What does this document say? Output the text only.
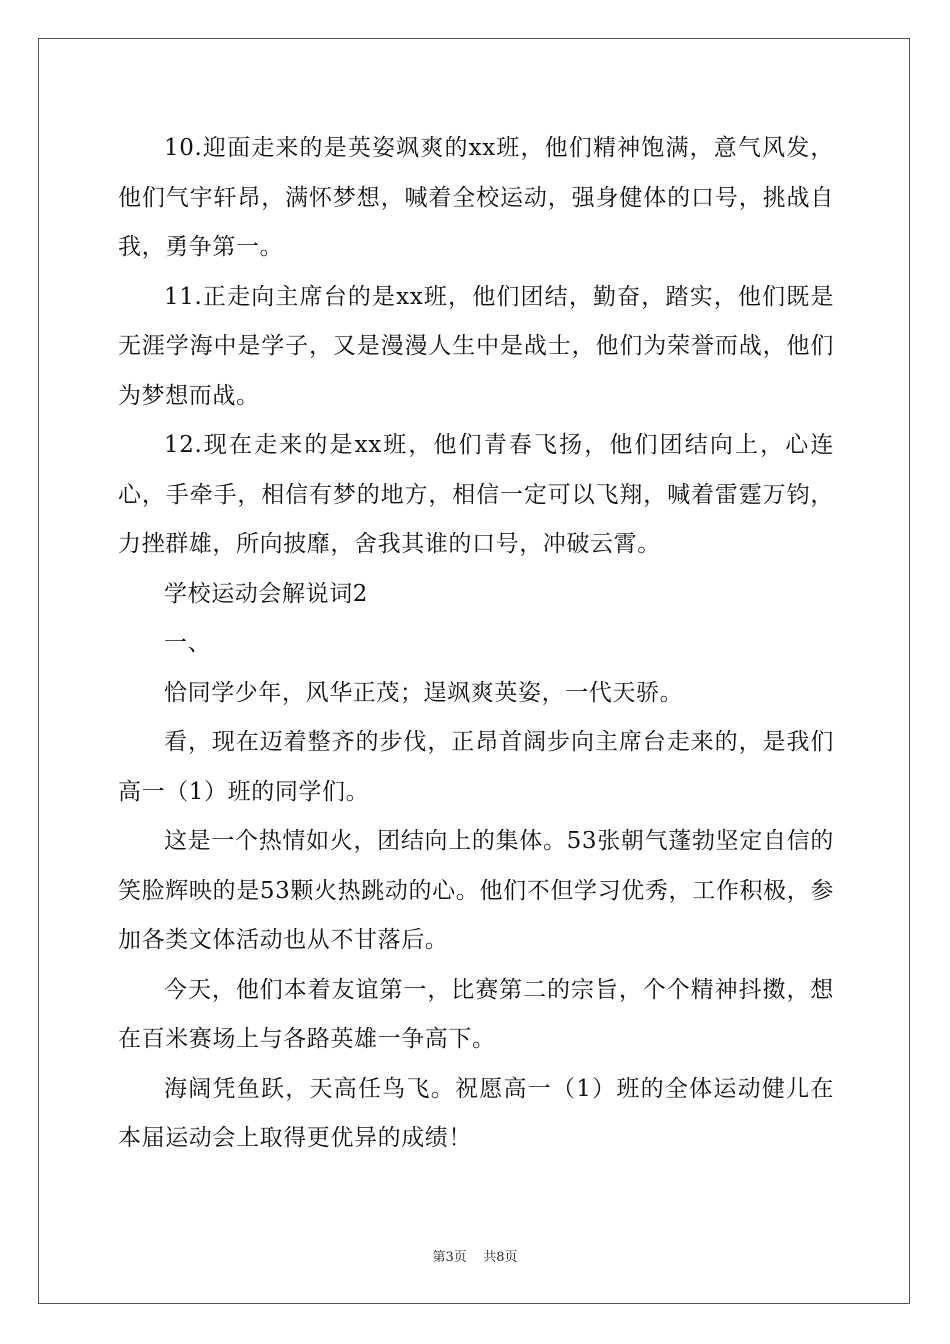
10.迎面走来的是英姿飒爽的xx班，他们精神饱满，意气风发，他们气宇轩昂，满怀梦想，喊着全校运动，强身健体的口号，挑战自我，勇争第一。

11.正走向主席台的是xx班，他们团结，勤奋，踏实，他们既是无涯学海中是学子，又是漫漫人生中是战士，他们为荣誉而战，他们为梦想而战。

12.现在走来的是xx班，他们青春飞扬，他们团结向上，心连心，手牵手，相信有梦的地方，相信一定可以飞翔，喊着雷霆万钧，力挫群雄，所向披靡，舍我其谁的口号，冲破云霄。

学校运动会解说词2

一、

恰同学少年，风华正茂；逞飒爽英姿，一代天骄。

看，现在迈着整齐的步伐，正昂首阔步向主席台走来的，是我们高一（1）班的同学们。

这是一个热情如火，团结向上的集体。53张朝气蓬勃坚定自信的笑脸辉映的是53颗火热跳动的心。他们不但学习优秀，工作积极，参加各类文体活动也从不甘落后。

今天，他们本着友谊第一，比赛第二的宗旨，个个精神抖擞，想在百米赛场上与各路英雄一争高下。

海阔凭鱼跃，天高任鸟飞。祝愿高一（1）班的全体运动健儿在本届运动会上取得更优异的成绩！

第3页 共8页
